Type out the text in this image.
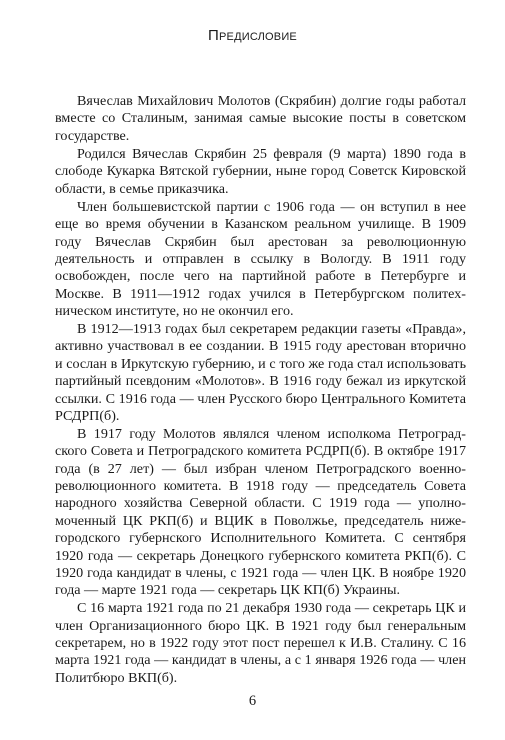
Предисловие

Вячеслав Михайлович Молотов (Скрябин) долгие годы работал вместе со Сталиным, занимая самые высокие посты в советском государстве.

Родился Вячеслав Скрябин 25 февраля (9 марта) 1890 года в слободе Кукарка Вятской губернии, ныне город Советск Кировской области, в семье приказчика.

Член большевистской партии с 1906 года — он вступил в нее еще во время обучении в Казанском реальном училище. В 1909 году Вячеслав Скрябин был арестован за революционную деятельность и отправлен в ссылку в Вологду. В 1911 году освобожден, после чего на партийной работе в Петербурге и Москве. В 1911—1912 годах учился в Петербургском политехническом институте, но не окончил его.

В 1912—1913 годах был секретарем редакции газеты «Правда», активно участвовал в ее создании. В 1915 году арестован вторично и сослан в Иркутскую губернию, и с того же года стал использовать партийный псевдоним «Молотов». В 1916 году бежал из иркутской ссылки. С 1916 года — член Русского бюро Центрального Комитета РСДРП(б).

В 1917 году Молотов являлся членом исполкома Петроградского Совета и Петроградского комитета РСДРП(б). В октябре 1917 года (в 27 лет) — был избран членом Петроградского военно-революционного комитета. В 1918 году — председатель Совета народного хозяйства Северной области. С 1919 года — уполномоченный ЦК РКП(б) и ВЦИК в Поволжье, председатель нижегородского губернского Исполнительного Комитета. С сентября 1920 года — секретарь Донецкого губернского комитета РКП(б). С 1920 года кандидат в члены, с 1921 года — член ЦК. В ноябре 1920 года — марте 1921 года — секретарь ЦК КП(б) Украины.

С 16 марта 1921 года по 21 декабря 1930 года — секретарь ЦК и член Организационного бюро ЦК. В 1921 году был генеральным секретарем, но в 1922 году этот пост перешел к И.В. Сталину. С 16 марта 1921 года — кандидат в члены, а с 1 января 1926 года — член Политбюро ВКП(б).

6
